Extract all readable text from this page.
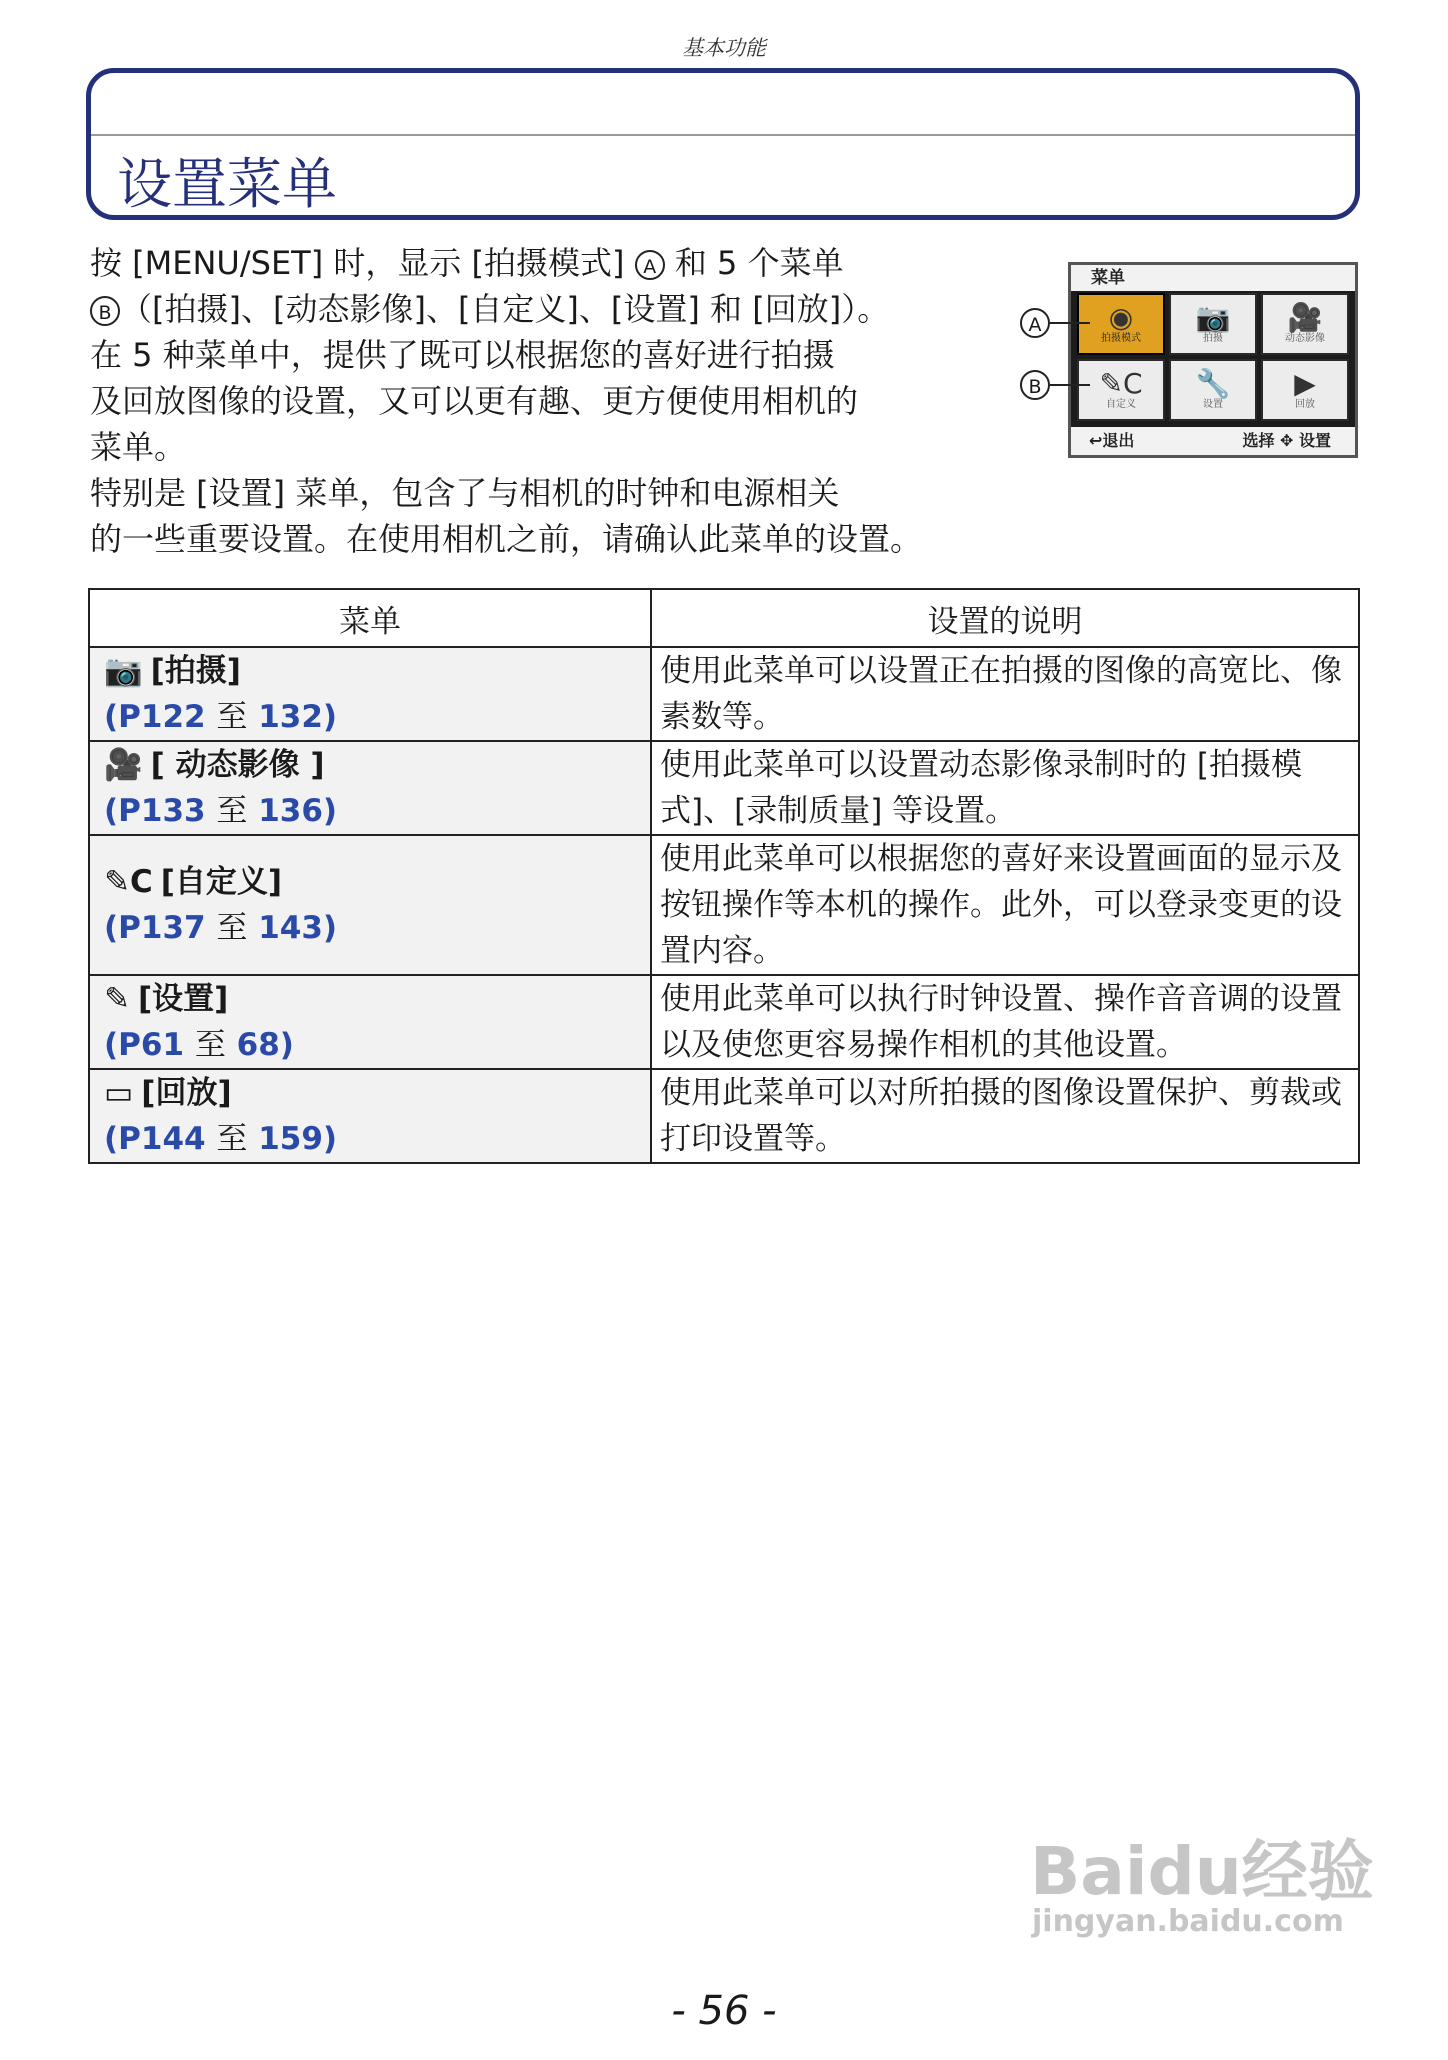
基本功能
设置菜单

按 [MENU/SET] 时，显示 [拍摄模式] A 和 5 个菜单
B （[拍摄]、[动态影像]、[自定义]、[设置] 和 [回放]）。
在 5 种菜单中，提供了既可以根据您的喜好进行拍摄
及回放图像的设置，又可以更有趣、更方便使用相机的
菜单。

特别是 [设置] 菜单，包含了与相机的时钟和电源相关
的一些重要设置。在使用相机之前，请确认此菜单的设置。

菜单
◉
拍摄模式
📷
拍摄
🎥
动态影像
✎C
自定义
🔧
设置
▶
回放
↩退出	选择 ✥ 设置
A
B
菜单	设置的说明

📷 [拍摄]
(P122 至 132)	使用此菜单可以设置正在拍摄的图像的高宽比、像素数等。

🎥 [ 动态影像 ]
(P133 至 136)	使用此菜单可以设置动态影像录制时的 [拍摄模式]、[录制质量] 等设置。

✎C [自定义]
(P137 至 143)	使用此菜单可以根据您的喜好来设置画面的显示及按钮操作等本机的操作。此外，可以登录变更的设置内容。

✎ [设置]
(P61 至 68)	使用此菜单可以执行时钟设置、操作音音调的设置以及使您更容易操作相机的其他设置。

▭ [回放]
(P144 至 159)	使用此菜单可以对所拍摄的图像设置保护、剪裁或打印设置等。
Baidu经验
jingyan.baidu.com
- 56 -
